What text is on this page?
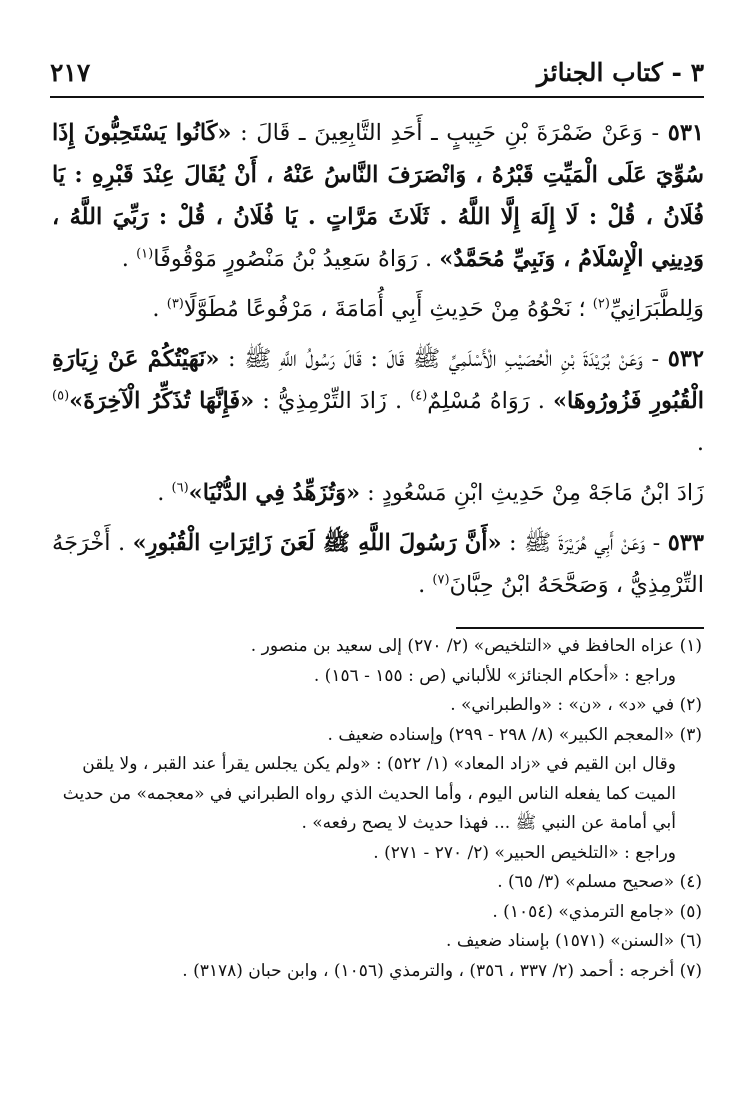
٣ - كتاب الجنائز
٢١٧

٥٣١ - وَعَنْ ضَمْرَةَ بْنِ حَبِيبٍ ـ أَحَدِ التَّابِعِينَ ـ قَالَ : «كَانُوا يَسْتَحِبُّونَ إِذَا سُوِّيَ عَلَى الْمَيِّتِ قَبْرُهُ ، وَانْصَرَفَ النَّاسُ عَنْهُ ، أَنْ يُقَالَ عِنْدَ قَبْرِهِ : يَا فُلَانُ ، قُلْ : لَا إِلَهَ إِلَّا اللَّهُ . ثَلَاثَ مَرَّاتٍ . يَا فُلَانُ ، قُلْ : رَبِّيَ اللَّهُ ، وَدِينِي الْإِسْلَامُ ، وَنَبِيِّ مُحَمَّدٌ» . رَوَاهُ سَعِيدُ بْنُ مَنْصُورٍ مَوْقُوفًا$^{(١)}$ .

وَلِلطَّبَرَانِيِّ$^{(٢)}$ ؛ نَحْوُهُ مِنْ حَدِيثِ أَبِي أُمَامَةَ ، مَرْفُوعًا مُطَوَّلًا$^{(٣)}$ .

٥٣٢ - وَعَنْ بُرَيْدَةَ بْنِ الْحُصَيْبِ الْأَسْلَمِيِّ ﷺ قَالَ : قَالَ رَسُولُ اللَّهِ ﷺ : «نَهَيْتُكُمْ عَنْ زِيَارَةِ الْقُبُورِ فَزُورُوهَا» . رَوَاهُ مُسْلِمٌ$^{(٤)}$ . زَادَ التِّرْمِذِيُّ : «فَإِنَّهَا تُذَكِّرُ الْآخِرَةَ»$^{(٥)}$ .

زَادَ ابْنُ مَاجَهْ مِنْ حَدِيثِ ابْنِ مَسْعُودٍ : «وَتُزَهِّدُ فِي الدُّنْيَا»$^{(٦)}$ .

٥٣٣ - وَعَنْ أَبِي هُرَيْرَةَ ﷺ : «أَنَّ رَسُولَ اللَّهِ ﷺ لَعَنَ زَائِرَاتِ الْقُبُورِ» . أَخْرَجَهُ التِّرْمِذِيُّ ، وَصَحَّحَهُ ابْنُ حِبَّانَ$^{(٧)}$ .

(١) عزاه الحافظ في «التلخيص» (٢/ ٢٧٠) إلى سعيد بن منصور .

وراجع : «أحكام الجنائز» للألباني (ص : ١٥٥ - ١٥٦) .

(٢) في «د» ، «ن» : «والطبراني» .

(٣) «المعجم الكبير» (٨/ ٢٩٨ - ٢٩٩) وإسناده ضعيف .

وقال ابن القيم في «زاد المعاد» (١/ ٥٢٢) : «ولم يكن يجلس يقرأ عند القبر ، ولا يلقن الميت كما يفعله الناس اليوم ، وأما الحديث الذي رواه الطبراني في «معجمه» من حديث أبي أمامة عن النبي ﷺ ... فهذا حديث لا يصح رفعه» .

وراجع : «التلخيص الحبير» (٢/ ٢٧٠ - ٢٧١) .

(٤) «صحيح مسلم» (٣/ ٦٥) .

(٥) «جامع الترمذي» (١٠٥٤) .

(٦) «السنن» (١٥٧١) بإسناد ضعيف .

(٧) أخرجه : أحمد (٢/ ٣٣٧ ، ٣٥٦) ، والترمذي (١٠٥٦) ، وابن حبان (٣١٧٨) .
